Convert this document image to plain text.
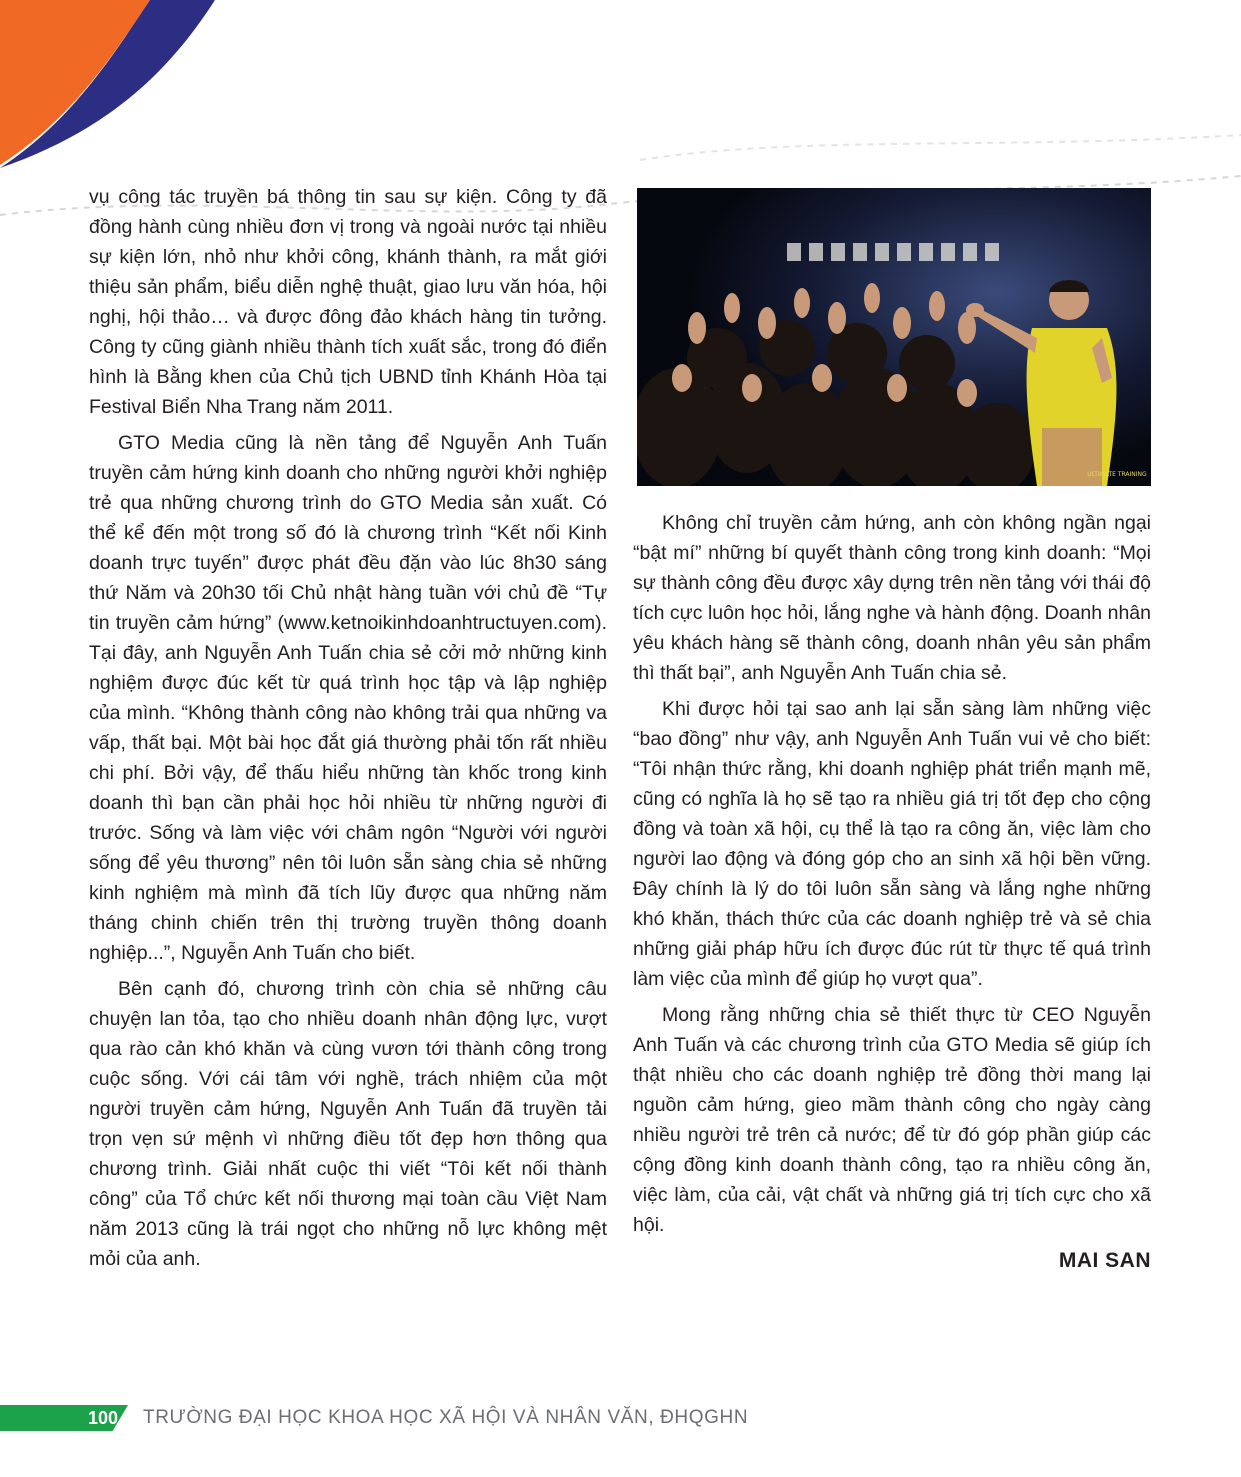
vụ công tác truyền bá thông tin sau sự kiện. Công ty đã đồng hành cùng nhiều đơn vị trong và ngoài nước tại nhiều sự kiện lớn, nhỏ như khởi công, khánh thành, ra mắt giới thiệu sản phẩm, biểu diễn nghệ thuật, giao lưu văn hóa, hội nghị, hội thảo… và được đông đảo khách hàng tin tưởng. Công ty cũng giành nhiều thành tích xuất sắc, trong đó điển hình là Bằng khen của Chủ tịch UBND tỉnh Khánh Hòa tại Festival Biển Nha Trang năm 2011.

GTO Media cũng là nền tảng để Nguyễn Anh Tuấn truyền cảm hứng kinh doanh cho những người khởi nghiệp trẻ qua những chương trình do GTO Media sản xuất. Có thể kể đến một trong số đó là chương trình “Kết nối Kinh doanh trực tuyến” được phát đều đặn vào lúc 8h30 sáng thứ Năm và 20h30 tối Chủ nhật hàng tuần với chủ đề “Tự tin truyền cảm hứng” (www.ketnoikinhdoanhtructuyen.com). Tại đây, anh Nguyễn Anh Tuấn chia sẻ cởi mở những kinh nghiệm được đúc kết từ quá trình học tập và lập nghiệp của mình. “Không thành công nào không trải qua những va vấp, thất bại. Một bài học đắt giá thường phải tốn rất nhiều chi phí. Bởi vậy, để thấu hiểu những tàn khốc trong kinh doanh thì bạn cần phải học hỏi nhiều từ những người đi trước. Sống và làm việc với châm ngôn “Người với người sống để yêu thương” nên tôi luôn sẵn sàng chia sẻ những kinh nghiệm mà mình đã tích lũy được qua những năm tháng chinh chiến trên thị trường truyền thông doanh nghiệp...”, Nguyễn Anh Tuấn cho biết.

Bên cạnh đó, chương trình còn chia sẻ những câu chuyện lan tỏa, tạo cho nhiều doanh nhân động lực, vượt qua rào cản khó khăn và cùng vươn tới thành công trong cuộc sống. Với cái tâm với nghề, trách nhiệm của một người truyền cảm hứng, Nguyễn Anh Tuấn đã truyền tải trọn vẹn sứ mệnh vì những điều tốt đẹp hơn thông qua chương trình. Giải nhất cuộc thi viết “Tôi kết nối thành công” của Tổ chức kết nối thương mại toàn cầu Việt Nam năm 2013 cũng là trái ngọt cho những nỗ lực không mệt mỏi của anh.

ULTIMATE TRAINING

Không chỉ truyền cảm hứng, anh còn không ngần ngại “bật mí” những bí quyết thành công trong kinh doanh: “Mọi sự thành công đều được xây dựng trên nền tảng với thái độ tích cực luôn học hỏi, lắng nghe và hành động. Doanh nhân yêu khách hàng sẽ thành công, doanh nhân yêu sản phẩm thì thất bại”, anh Nguyễn Anh Tuấn chia sẻ.

Khi được hỏi tại sao anh lại sẵn sàng làm những việc “bao đồng” như vậy, anh Nguyễn Anh Tuấn vui vẻ cho biết: “Tôi nhận thức rằng, khi doanh nghiệp phát triển mạnh mẽ, cũng có nghĩa là họ sẽ tạo ra nhiều giá trị tốt đẹp cho cộng đồng và toàn xã hội, cụ thể là tạo ra công ăn, việc làm cho người lao động và đóng góp cho an sinh xã hội bền vững. Đây chính là lý do tôi luôn sẵn sàng và lắng nghe những khó khăn, thách thức của các doanh nghiệp trẻ và sẻ chia những giải pháp hữu ích được đúc rút từ thực tế quá trình làm việc của mình để giúp họ vượt qua”.

Mong rằng những chia sẻ thiết thực từ CEO Nguyễn Anh Tuấn và các chương trình của GTO Media sẽ giúp ích thật nhiều cho các doanh nghiệp trẻ đồng thời mang lại nguồn cảm hứng, gieo mầm thành công cho ngày càng nhiều người trẻ trên cả nước; để từ đó góp phần giúp các cộng đồng kinh doanh thành công, tạo ra nhiều công ăn, việc làm, của cải, vật chất và những giá trị tích cực cho xã hội.

MAI SAN

100	TRƯỜNG ĐẠI HỌC KHOA HỌC XÃ HỘI VÀ NHÂN VĂN, ĐHQGHN
